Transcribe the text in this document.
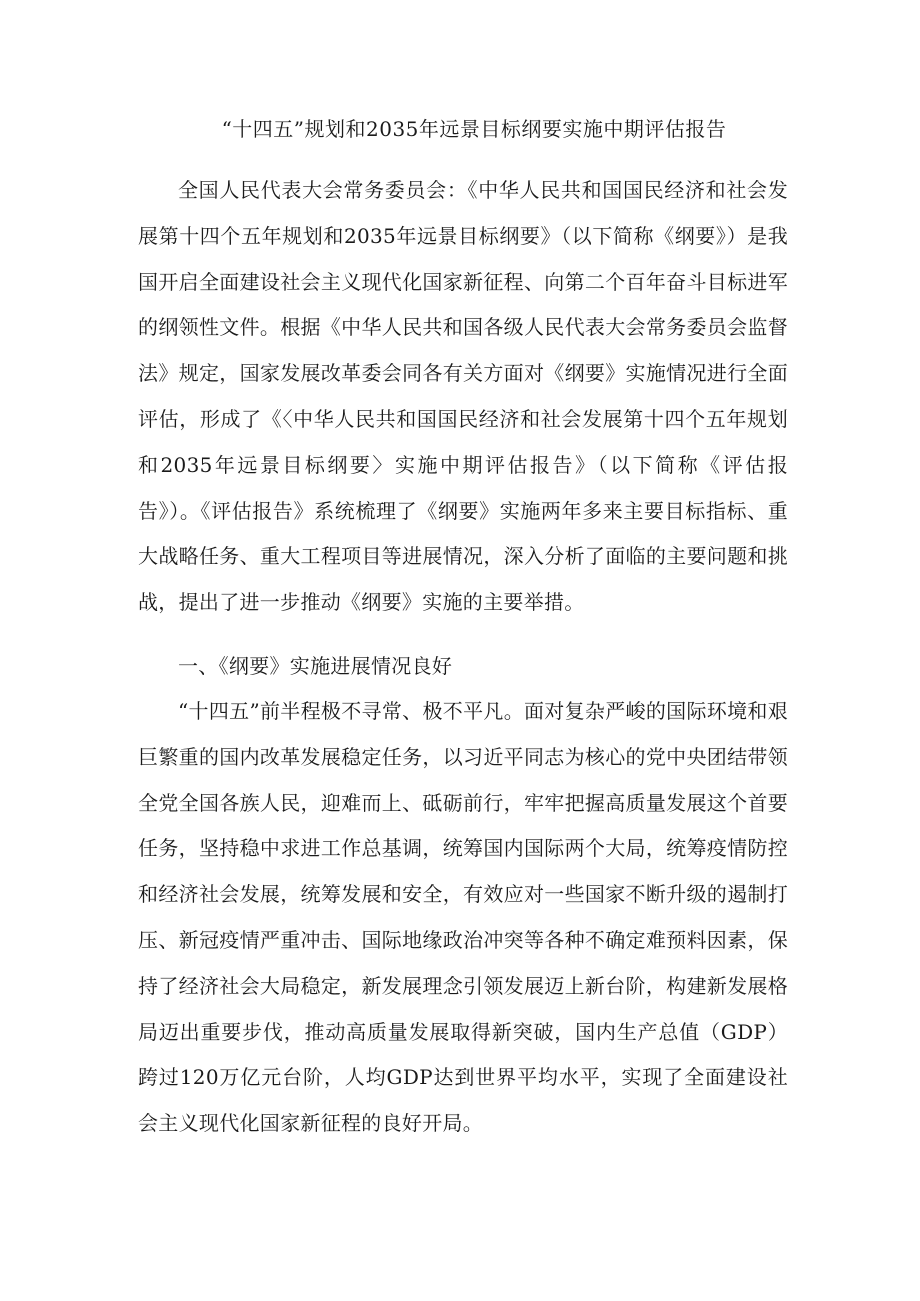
“十四五”规划和2035年远景目标纲要实施中期评估报告

全国人民代表大会常务委员会：《中华人民共和国国民经济和社会发展第十四个五年规划和2035年远景目标纲要》（以下简称《纲要》）是我国开启全面建设社会主义现代化国家新征程、向第二个百年奋斗目标进军的纲领性文件。根据《中华人民共和国各级人民代表大会常务委员会监督法》规定，国家发展改革委会同各有关方面对《纲要》实施情况进行全面评估，形成了《〈中华人民共和国国民经济和社会发展第十四个五年规划和2035年远景目标纲要〉实施中期评估报告》（以下简称《评估报告》）。《评估报告》系统梳理了《纲要》实施两年多来主要目标指标、重大战略任务、重大工程项目等进展情况，深入分析了面临的主要问题和挑战，提出了进一步推动《纲要》实施的主要举措。

一、《纲要》实施进展情况良好

“十四五”前半程极不寻常、极不平凡。面对复杂严峻的国际环境和艰巨繁重的国内改革发展稳定任务，以习近平同志为核心的党中央团结带领全党全国各族人民，迎难而上、砥砺前行，牢牢把握高质量发展这个首要任务，坚持稳中求进工作总基调，统筹国内国际两个大局，统筹疫情防控和经济社会发展，统筹发展和安全，有效应对一些国家不断升级的遏制打压、新冠疫情严重冲击、国际地缘政治冲突等各种不确定难预料因素，保持了经济社会大局稳定，新发展理念引领发展迈上新台阶，构建新发展格局迈出重要步伐，推动高质量发展取得新突破，国内生产总值（GDP）跨过120万亿元台阶，人均GDP达到世界平均水平，实现了全面建设社会主义现代化国家新征程的良好开局。
